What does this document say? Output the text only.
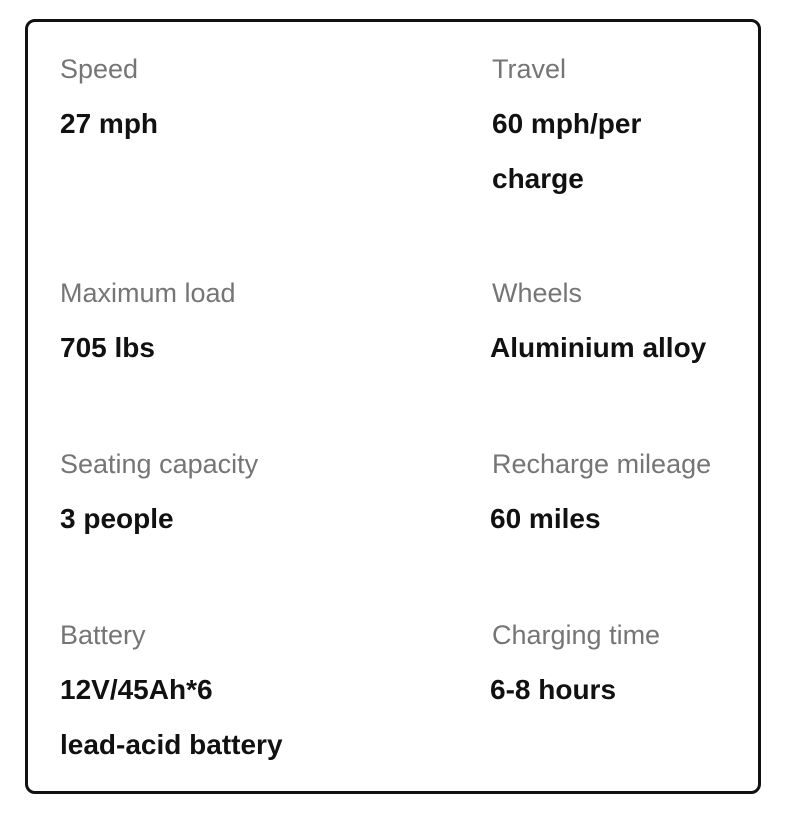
Speed
27 mph
Travel
60 mph/per
charge
Maximum load
705 lbs
Wheels
Aluminium alloy
Seating capacity
3 people
Recharge mileage
60 miles
Battery
12V/45Ah*6
lead-acid battery
Charging time
6-8 hours
